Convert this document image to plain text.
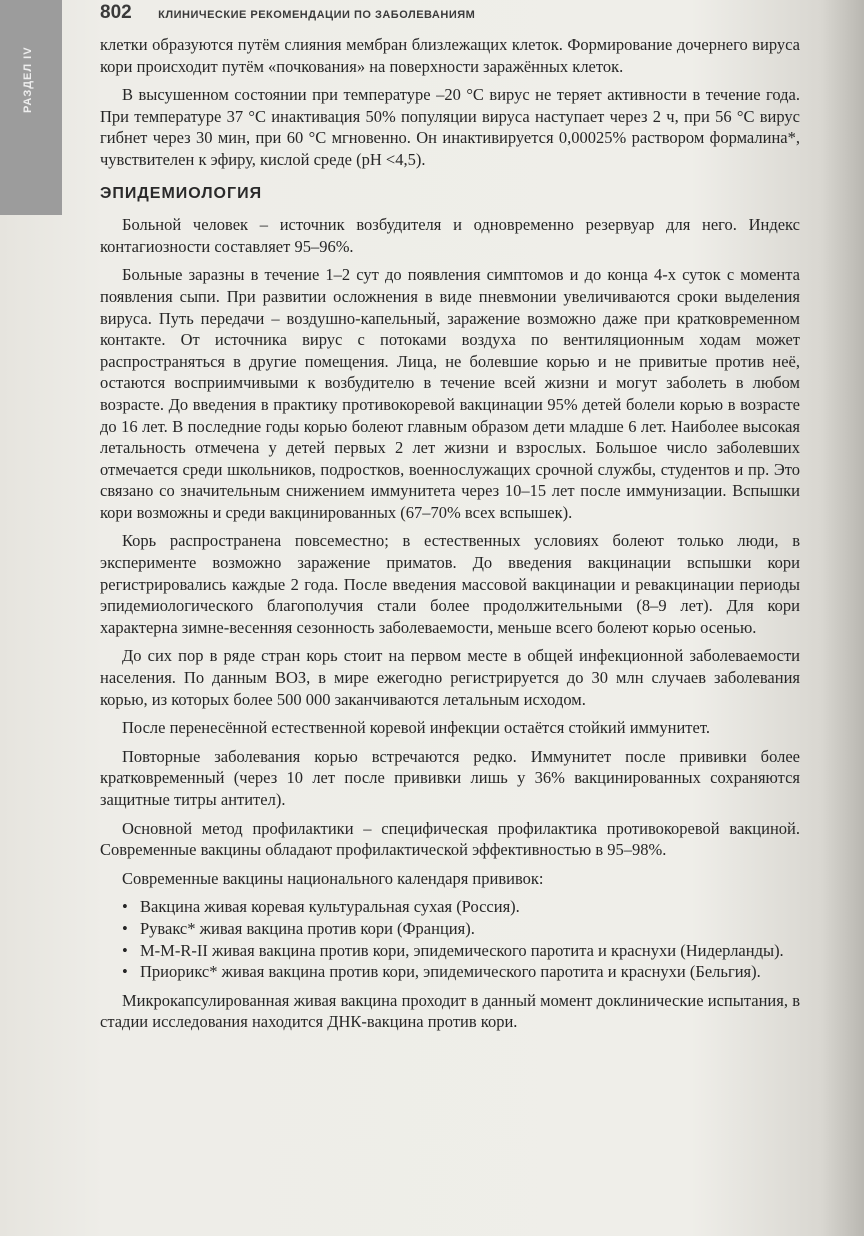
РАЗДЕЛ IV
802 КЛИНИЧЕСКИЕ РЕКОМЕНДАЦИИ ПО ЗАБОЛЕВАНИЯМ

клетки образуются путём слияния мембран близлежащих клеток. Формирование дочернего вируса кори происходит путём «почкования» на поверхности заражённых клеток.

В высушенном состоянии при температуре –20 °С вирус не теряет активности в течение года. При температуре 37 °С инактивация 50% популяции вируса наступает через 2 ч, при 56 °С вирус гибнет через 30 мин, при 60 °С мгновенно. Он инактивируется 0,00025% раствором формалина*, чувствителен к эфиру, кислой среде (pH <4,5).

ЭПИДЕМИОЛОГИЯ

Больной человек – источник возбудителя и одновременно резервуар для него. Индекс контагиозности составляет 95–96%.

Больные заразны в течение 1–2 сут до появления симптомов и до конца 4-х суток с момента появления сыпи. При развитии осложнения в виде пневмонии увеличиваются сроки выделения вируса. Путь передачи – воздушно-капельный, заражение возможно даже при кратковременном контакте. От источника вирус с потоками воздуха по вентиляционным ходам может распространяться в другие помещения. Лица, не болевшие корью и не привитые против неё, остаются восприимчивыми к возбудителю в течение всей жизни и могут заболеть в любом возрасте. До введения в практику противокоревой вакцинации 95% детей болели корью в возрасте до 16 лет. В последние годы корью болеют главным образом дети младше 6 лет. Наиболее высокая летальность отмечена у детей первых 2 лет жизни и взрослых. Большое число заболевших отмечается среди школьников, подростков, военнослужащих срочной службы, студентов и пр. Это связано со значительным снижением иммунитета через 10–15 лет после иммунизации. Вспышки кори возможны и среди вакцинированных (67–70% всех вспышек).

Корь распространена повсеместно; в естественных условиях болеют только люди, в эксперименте возможно заражение приматов. До введения вакцинации вспышки кори регистрировались каждые 2 года. После введения массовой вакцинации и ревакцинации периоды эпидемиологического благополучия стали более продолжительными (8–9 лет). Для кори характерна зимне-весенняя сезонность заболеваемости, меньше всего болеют корью осенью.

До сих пор в ряде стран корь стоит на первом месте в общей инфекционной заболеваемости населения. По данным ВОЗ, в мире ежегодно регистрируется до 30 млн случаев заболевания корью, из которых более 500 000 заканчиваются летальным исходом.

После перенесённой естественной коревой инфекции остаётся стойкий иммунитет.

Повторные заболевания корью встречаются редко. Иммунитет после прививки более кратковременный (через 10 лет после прививки лишь у 36% вакцинированных сохраняются защитные титры антител).

Основной метод профилактики – специфическая профилактика противокоревой вакциной. Современные вакцины обладают профилактической эффективностью в 95–98%.

Современные вакцины национального календаря прививок:

• Вакцина живая коревая культуральная сухая (Россия).
• Рувакс* живая вакцина против кори (Франция).
• M-M-R-II живая вакцина против кори, эпидемического паротита и краснухи (Нидерланды).
• Приорикс* живая вакцина против кори, эпидемического паротита и краснухи (Бельгия).

Микрокапсулированная живая вакцина проходит в данный момент доклинические испытания, в стадии исследования находится ДНК-вакцина против кори.
